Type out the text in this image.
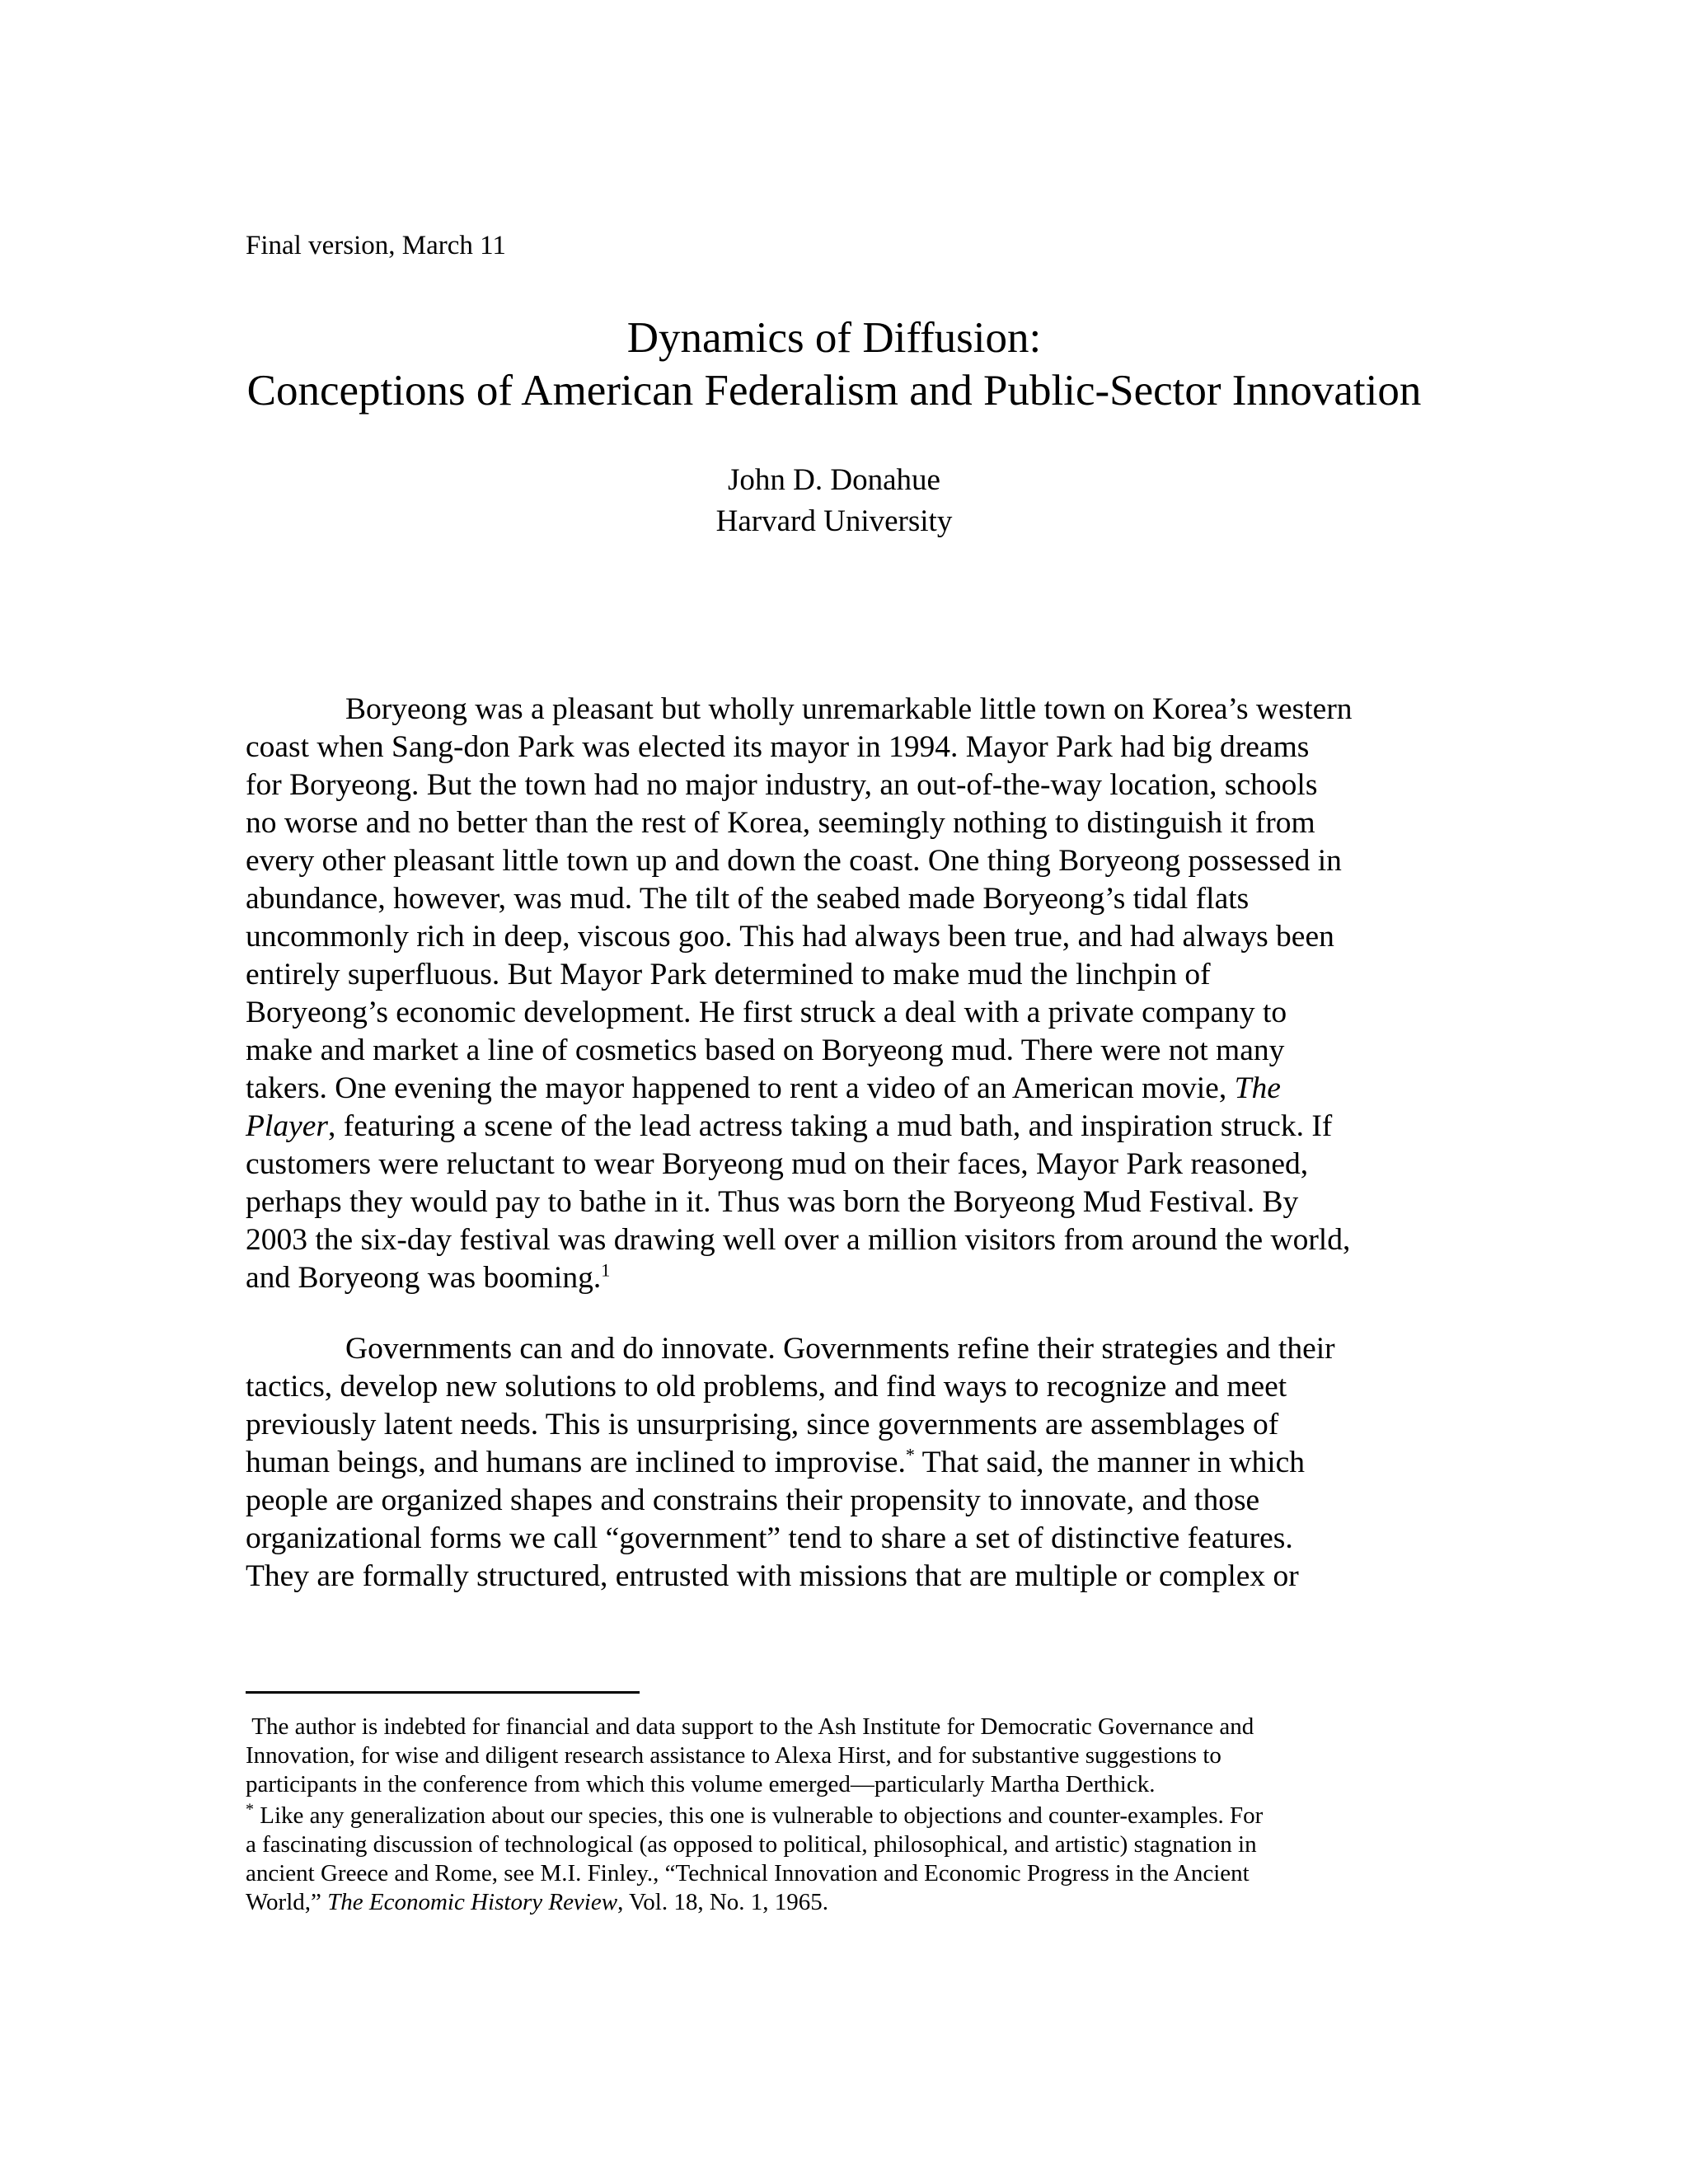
Final version, March 11
Dynamics of Diffusion:
Conceptions of American Federalism and Public-Sector Innovation
John D. Donahue
Harvard University

Boryeong was a pleasant but wholly unremarkable little town on Korea’s western
coast when Sang-don Park was elected its mayor in 1994. Mayor Park had big dreams
for Boryeong. But the town had no major industry, an out-of-the-way location, schools
no worse and no better than the rest of Korea, seemingly nothing to distinguish it from
every other pleasant little town up and down the coast. One thing Boryeong possessed in
abundance, however, was mud. The tilt of the seabed made Boryeong’s tidal flats
uncommonly rich in deep, viscous goo. This had always been true, and had always been
entirely superfluous. But Mayor Park determined to make mud the linchpin of
Boryeong’s economic development. He first struck a deal with a private company to
make and market a line of cosmetics based on Boryeong mud. There were not many
takers. One evening the mayor happened to rent a video of an American movie, The
Player, featuring a scene of the lead actress taking a mud bath, and inspiration struck. If
customers were reluctant to wear Boryeong mud on their faces, Mayor Park reasoned,
perhaps they would pay to bathe in it. Thus was born the Boryeong Mud Festival. By
2003 the six-day festival was drawing well over a million visitors from around the world,
and Boryeong was booming.$^1$

Governments can and do innovate. Governments refine their strategies and their
tactics, develop new solutions to old problems, and find ways to recognize and meet
previously latent needs. This is unsurprising, since governments are assemblages of
human beings, and humans are inclined to improvise.* That said, the manner in which
people are organized shapes and constrains their propensity to innovate, and those
organizational forms we call “government” tend to share a set of distinctive features.
They are formally structured, entrusted with missions that are multiple or complex or

The author is indebted for financial and data support to the Ash Institute for Democratic Governance and
Innovation, for wise and diligent research assistance to Alexa Hirst, and for substantive suggestions to
participants in the conference from which this volume emerged—particularly Martha Derthick.

* Like any generalization about our species, this one is vulnerable to objections and counter-examples. For
a fascinating discussion of technological (as opposed to political, philosophical, and artistic) stagnation in
ancient Greece and Rome, see M.I. Finley., “Technical Innovation and Economic Progress in the Ancient
World,” The Economic History Review, Vol. 18, No. 1, 1965.
